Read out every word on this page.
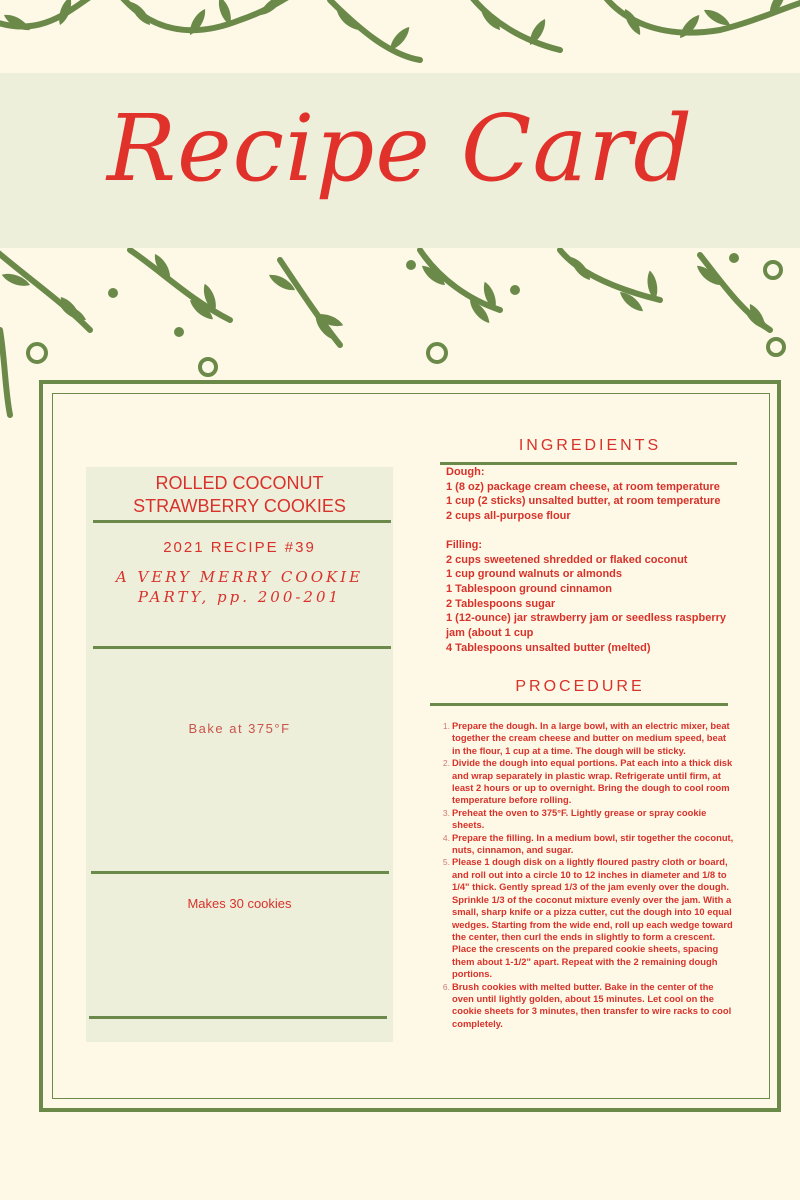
Recipe Card
ROLLED COCONUT
STRAWBERRY COOKIES
2021 RECIPE #39
A VERY MERRY COOKIE
PARTY, pp. 200-201
Bake at 375°F
Makes 30 cookies
INGREDIENTS
Dough:
1 (8 oz) package cream cheese, at room temperature
1 cup (2 sticks) unsalted butter, at room temperature
2 cups all-purpose flour
Filling:
2 cups sweetened shredded or flaked coconut
1 cup ground walnuts or almonds
1 Tablespoon ground cinnamon
2 Tablespoons sugar
1 (12-ounce) jar strawberry jam or seedless raspberry jam (about 1 cup
4 Tablespoons unsalted butter (melted)
PROCEDURE
1. Prepare the dough. In a large bowl, with an electric mixer, beat together the cream cheese and butter on medium speed, beat in the flour, 1 cup at a time. The dough will be sticky.
2. Divide the dough into equal portions. Pat each into a thick disk and wrap separately in plastic wrap. Refrigerate until firm, at least 2 hours or up to overnight. Bring the dough to cool room temperature before rolling.
3. Preheat the oven to 375°F. Lightly grease or spray cookie sheets.
4. Prepare the filling. In a medium bowl, stir together the coconut, nuts, cinnamon, and sugar.
5. Please 1 dough disk on a lightly floured pastry cloth or board, and roll out into a circle 10 to 12 inches in diameter and 1/8 to 1/4" thick. Gently spread 1/3 of the jam evenly over the dough. Sprinkle 1/3 of the coconut mixture evenly over the jam. With a small, sharp knife or a pizza cutter, cut the dough into 10 equal wedges. Starting from the wide end, roll up each wedge toward the center, then curl the ends in slightly to form a crescent. Place the crescents on the prepared cookie sheets, spacing them about 1-1/2" apart. Repeat with the 2 remaining dough portions.
6. Brush cookies with melted butter. Bake in the center of the oven until lightly golden, about 15 minutes. Let cool on the cookie sheets for 3 minutes, then transfer to wire racks to cool completely.
